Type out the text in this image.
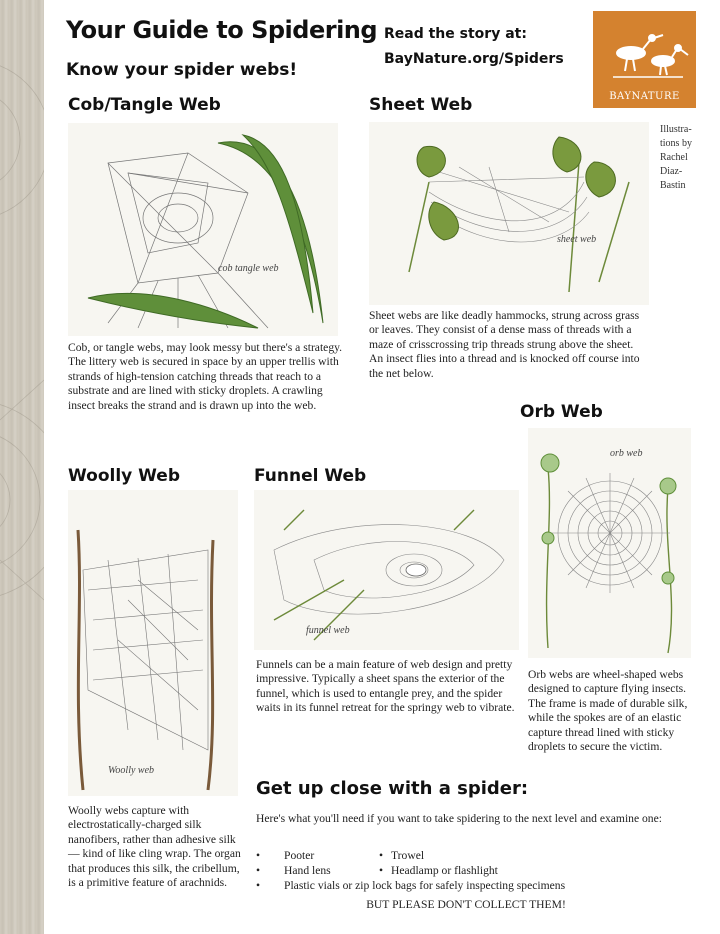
Your Guide to Spidering
Know your spider webs!
Read the story at:
BayNature.org/Spiders
BAYNATURE
Illustra-
tions by
Rachel
Diaz-
Bastin
Cob/Tangle Web
cob tangle web
Cob, or tangle webs, may look messy but there's a strategy. The littery web is secured in space by an upper trellis with strands of high-tension catching threads that reach to a substrate and are lined with sticky droplets. A crawling insect breaks the strand and is drawn up into the web.
Sheet Web
sheet web
Sheet webs are like deadly hammocks, strung across grass or leaves. They consist of a dense mass of threads with a maze of crisscrossing trip threads strung above the sheet. An insect flies into a thread and is knocked off course into the net below.
Orb Web
orb web
Orb webs are wheel-shaped webs designed to capture flying insects. The frame is made of durable silk, while the spokes are of an elastic capture thread lined with sticky droplets to secure the victim.
Woolly Web
Woolly web
Woolly webs capture with electrostatically-charged silk nanofibers, rather than adhesive silk — kind of like cling wrap. The organ that produces this silk, the cribellum, is a primitive feature of arachnids.
Funnel Web
funnel web
Funnels can be a main feature of web design and pretty impressive. Typically a sheet spans the exterior of the funnel, which is used to entangle prey, and the spider waits in its funnel retreat for the springy web to vibrate.
Get up close with a spider:
Here's what you'll need if you want to take spidering to the next level and examine one:
•	Pooter	• Trowel
•	Hand lens	• Headlamp or flashlight
•	Plastic vials or zip lock bags for safely inspecting specimens
BUT PLEASE DON'T COLLECT THEM!
